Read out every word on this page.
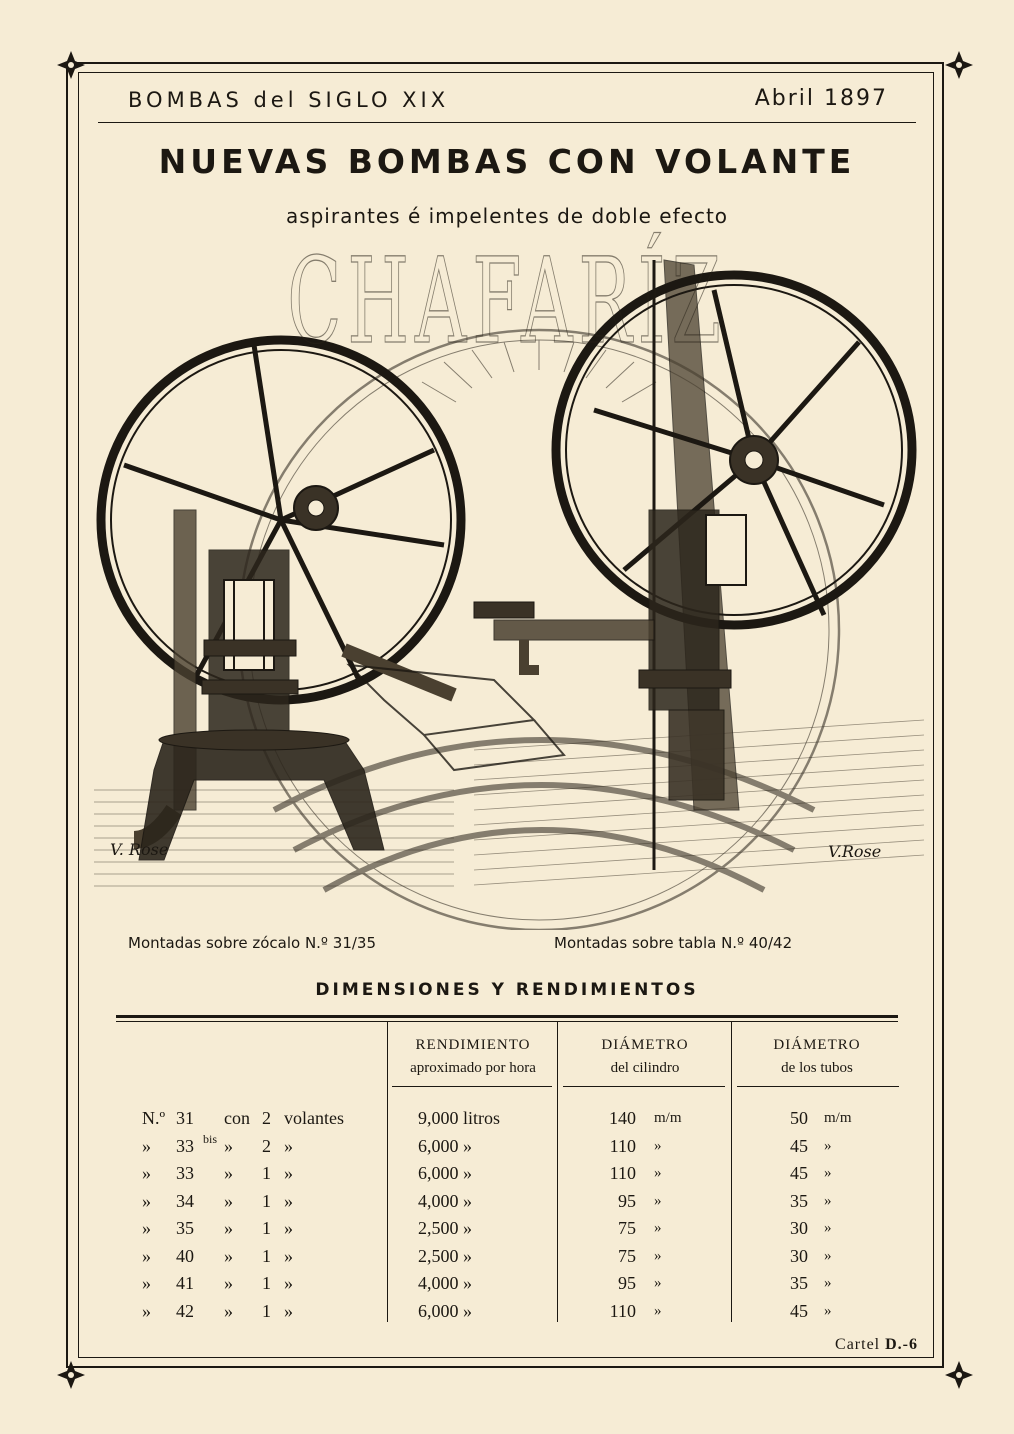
BOMBAS del SIGLO XIX	Abril 1897
NUEVAS BOMBAS CON VOLANTE
aspirantes é impelentes de doble efecto
CHAFARÍZ
V. Rose	V.Rose
Montadas sobre zócalo N.º 31/35	Montadas sobre tabla N.º 40/42
DIMENSIONES Y RENDIMIENTOS
RENDIMIENTO
aproximado por hora
DIÁMETRO
del cilindro
DIÁMETRO
de los tubos
N.º 31	con 2 volantes	9,000 litros	140 m/m	50 m/m
»	33 bis »	2 »	6,000 »	110 »	45 »
»	33	»	1 »	6,000 »	110 »	45 »
»	34	»	1 »	4,000 »	95 »	35 »
»	35	»	1 »	2,500 »	75 »	30 »
»	40	»	1 »	2,500 »	75 »	30 »
»	41	»	1 »	4,000 »	95 »	35 »
»	42	»	1 »	6,000 »	110 »	45 »
Cartel D.-6
